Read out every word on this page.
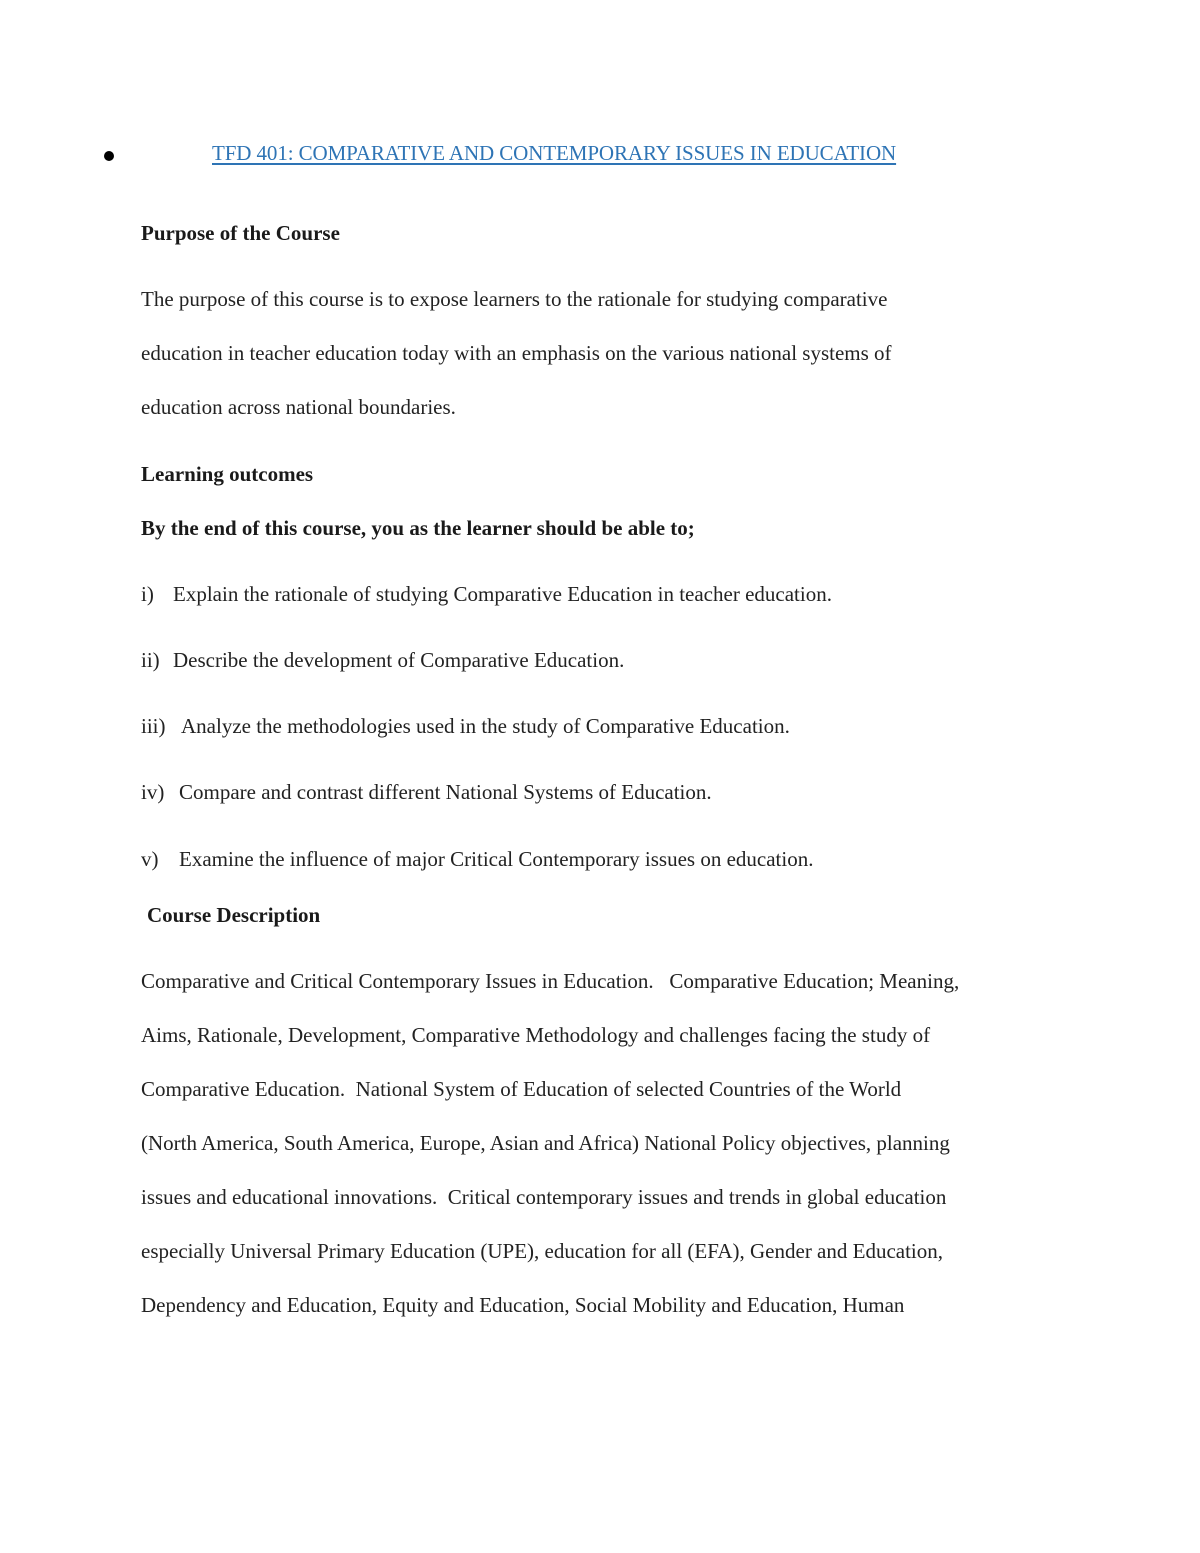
TFD 401: COMPARATIVE AND CONTEMPORARY ISSUES IN EDUCATION
Purpose of the Course
The purpose of this course is to expose learners to the rationale for studying comparative
education in teacher education today with an emphasis on the various national systems of
education across national boundaries.
Learning outcomes
By the end of this course, you as the learner should be able to;
i) Explain the rationale of studying Comparative Education in teacher education.
ii) Describe the development of Comparative Education.
iii) Analyze the methodologies used in the study of Comparative Education.
iv) Compare and contrast different National Systems of Education.
v) Examine the influence of major Critical Contemporary issues on education.
Course Description
Comparative and Critical Contemporary Issues in Education.   Comparative Education; Meaning,
Aims, Rationale, Development, Comparative Methodology and challenges facing the study of
Comparative Education.  National System of Education of selected Countries of the World
(North America, South America, Europe, Asian and Africa) National Policy objectives, planning
issues and educational innovations.  Critical contemporary issues and trends in global education
especially Universal Primary Education (UPE), education for all (EFA), Gender and Education,
Dependency and Education, Equity and Education, Social Mobility and Education, Human
